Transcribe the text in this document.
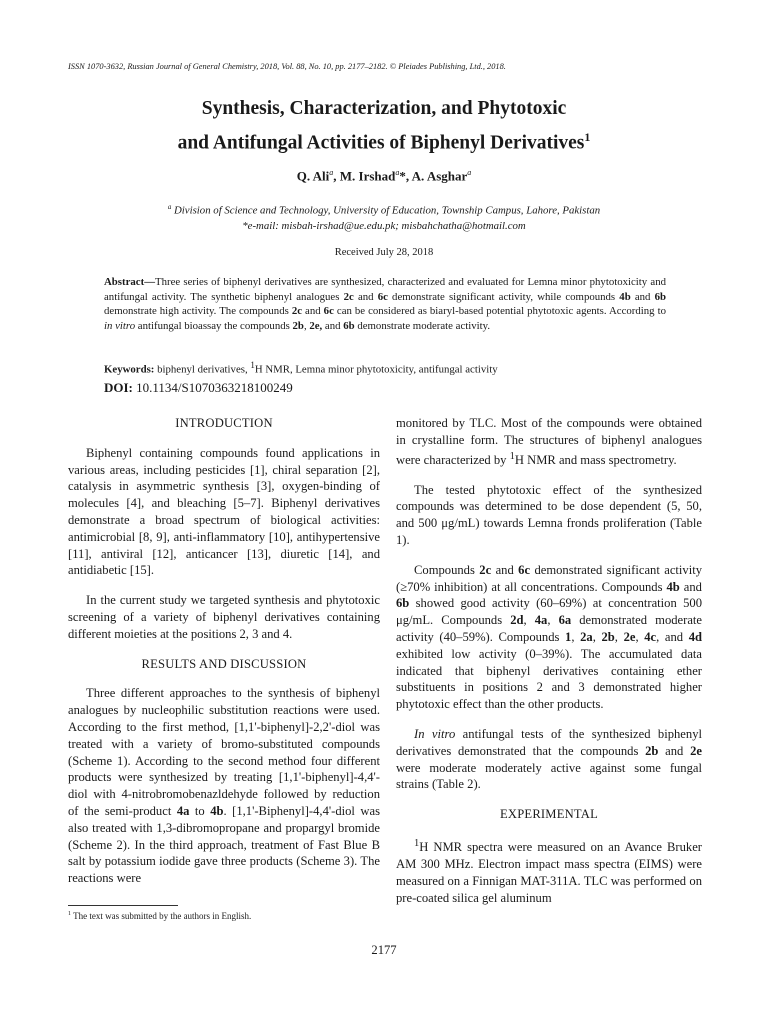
ISSN 1070-3632, Russian Journal of General Chemistry, 2018, Vol. 88, No. 10, pp. 2177–2182. © Pleiades Publishing, Ltd., 2018.
Synthesis, Characterization, and Phytotoxic
and Antifungal Activities of Biphenyl Derivatives$^1$
Q. Ali$^a$, M. Irshad$^a$*, A. Asghar$^a$
$^a$ Division of Science and Technology, University of Education, Township Campus, Lahore, Pakistan
*e-mail: misbah-irshad@ue.edu.pk; misbahchatha@hotmail.com
Received July 28, 2018
Abstract—Three series of biphenyl derivatives are synthesized, characterized and evaluated for Lemna minor phytotoxicity and antifungal activity. The synthetic biphenyl analogues 2c and 6c demonstrate significant activity, while compounds 4b and 6b demonstrate high activity. The compounds 2c and 6c can be considered as biaryl-based potential phytotoxic agents. According to in vitro antifungal bioassay the compounds 2b, 2e, and 6b demonstrate moderate activity.
Keywords: biphenyl derivatives, $^1$H NMR, Lemna minor phytotoxicity, antifungal activity
DOI: 10.1134/S1070363218100249

INTRODUCTION

Biphenyl containing compounds found applications in various areas, including pesticides [1], chiral separation [2], catalysis in asymmetric synthesis [3], oxygen-binding of molecules [4], and bleaching [5–7]. Biphenyl derivatives demonstrate a broad spectrum of biological activities: antimicrobial [8, 9], anti-inflammatory [10], antihypertensive [11], antiviral [12], anticancer [13], diuretic [14], and antidiabetic [15].

In the current study we targeted synthesis and phytotoxic screening of a variety of biphenyl derivatives containing different moieties at the positions 2, 3 and 4.

RESULTS AND DISCUSSION

Three different approaches to the synthesis of biphenyl analogues by nucleophilic substitution reactions were used. According to the first method, [1,1'-biphenyl]-2,2'-diol was treated with a variety of bromo-substituted compounds (Scheme 1). According to the second method four different products were synthesized by treating [1,1'-biphenyl]-4,4'-diol with 4-nitrobromobenazldehyde followed by reduction of the semi-product 4a to 4b. [1,1'-Biphenyl]-4,4'-diol was also treated with 1,3-dibromopropane and propargyl bromide (Scheme 2). In the third approach, treatment of Fast Blue B salt by potassium iodide gave three products (Scheme 3). The reactions were

monitored by TLC. Most of the compounds were obtained in crystalline form. The structures of biphenyl analogues were characterized by $^1$H NMR and mass spectrometry.

The tested phytotoxic effect of the synthesized compounds was determined to be dose dependent (5, 50, and 500 μg/mL) towards Lemna fronds proliferation (Table 1).

Compounds 2c and 6c demonstrated significant activity (≥70% inhibition) at all concentrations. Compounds 4b and 6b showed good activity (60–69%) at concentration 500 μg/mL. Compounds 2d, 4a, 6a demonstrated moderate activity (40–59%). Compounds 1, 2a, 2b, 2e, 4c, and 4d exhibited low activity (0–39%). The accumulated data indicated that biphenyl derivatives containing ether substituents in positions 2 and 3 demonstrated higher phytotoxic effect than the other products.

In vitro antifungal tests of the synthesized biphenyl derivatives demonstrated that the compounds 2b and 2e were moderate moderately active against some fungal strains (Table 2).

EXPERIMENTAL

$^1$H NMR spectra were measured on an Avance Bruker AM 300 MHz. Electron impact mass spectra (EIMS) were measured on a Finnigan MAT-311A. TLC was performed on pre-coated silica gel aluminum

$^1$ The text was submitted by the authors in English.
2177
